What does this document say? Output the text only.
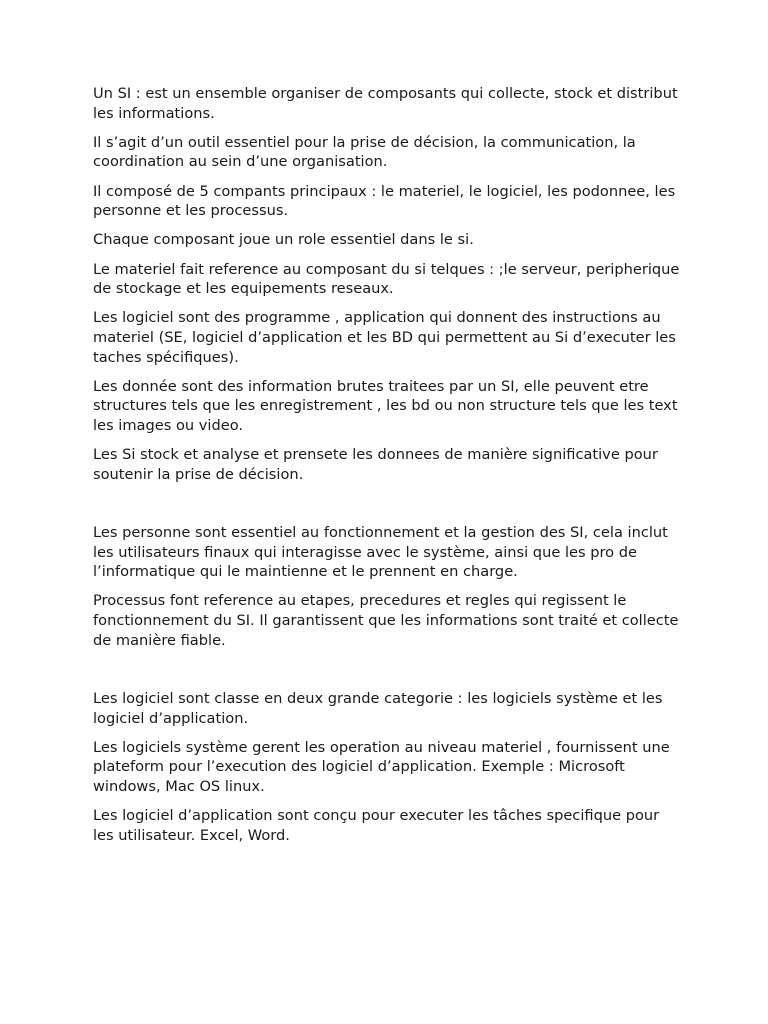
Un SI : est un ensemble organiser de composants qui collecte, stock et distribut les informations.

Il s’agit d’un outil essentiel pour la prise de décision, la communication, la coordination au sein d’une organisation.

Il composé de 5 compants principaux : le materiel, le logiciel, les podonnee, les personne et les processus.

Chaque composant joue un role essentiel dans le si.

Le materiel fait reference au composant du si telques : ;le serveur, peripherique de stockage et les equipements reseaux.

Les logiciel sont des programme , application qui donnent des instructions au materiel (SE, logiciel d’application et les BD qui permettent au Si d’executer les taches spécifiques).

Les donnée sont des information brutes traitees par un SI, elle peuvent etre structures tels que les enregistrement , les bd ou non structure tels que les text les images ou video.

Les Si stock et analyse et prensete les donnees de manière significative pour soutenir la prise de décision.

Les personne sont essentiel au fonctionnement et la gestion des SI, cela inclut les utilisateurs finaux qui interagisse avec le système, ainsi que les pro de l’informatique qui le maintienne et le prennent en charge.

Processus font reference au etapes, precedures et regles qui regissent le fonctionnement du SI. Il garantissent que les informations sont traité et collecte de manière fiable.

Les logiciel sont classe en deux grande categorie : les logiciels système et les logiciel d’application.

Les logiciels système gerent les operation au niveau materiel , fournissent une plateform pour l’execution des logiciel d’application. Exemple : Microsoft windows, Mac OS linux.

Les logiciel d’application sont conçu pour executer les tâches specifique pour les utilisateur. Excel, Word.
